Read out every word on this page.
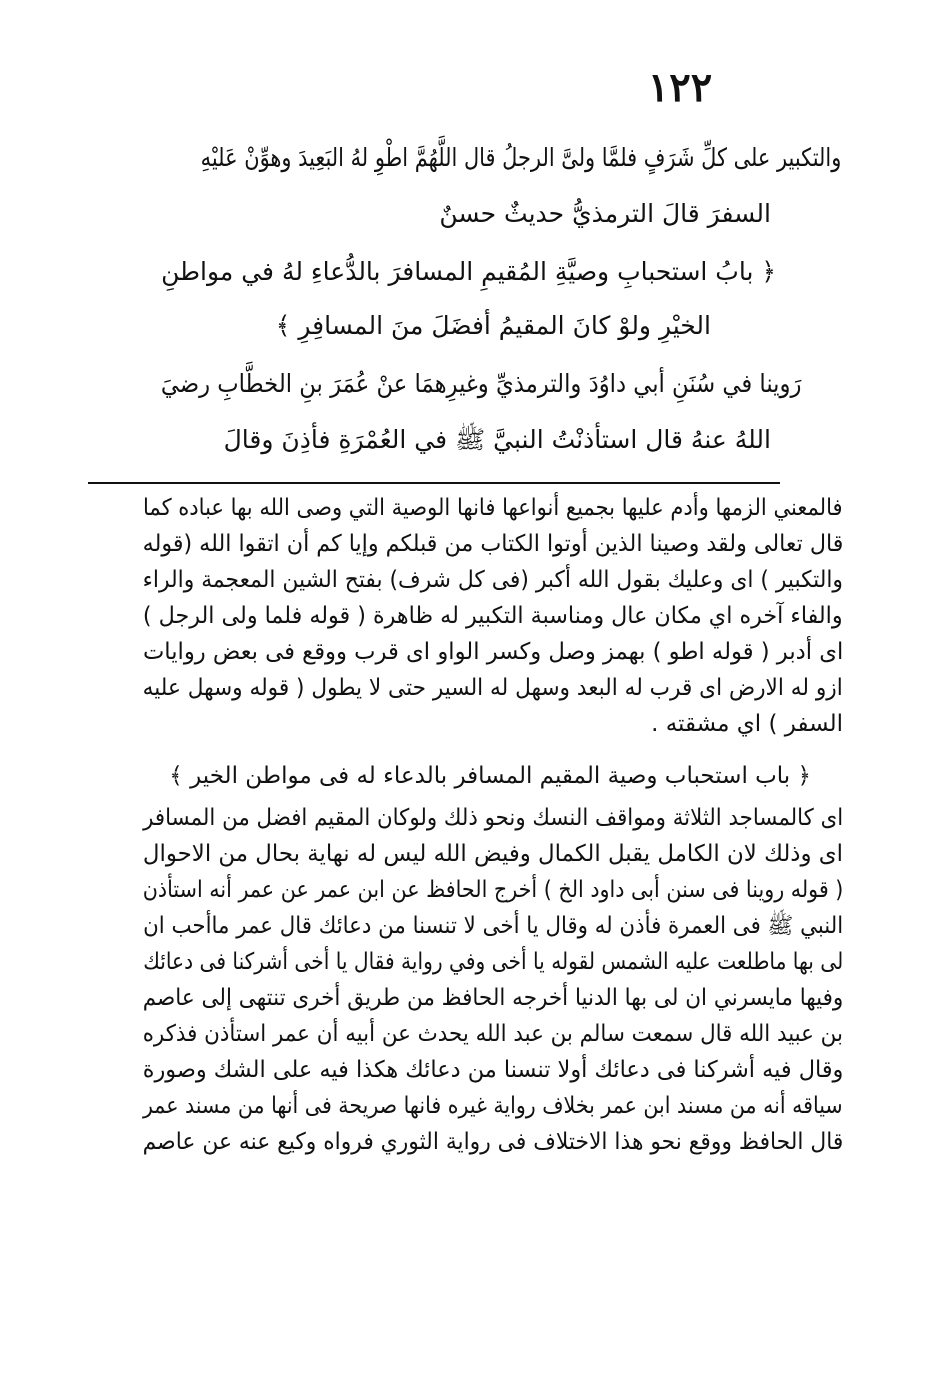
١٢٢
والتكبير على كلِّ شَرَفٍ فلمَّا ولىَّ الرجلُ قال اللَّهُمَّ اطْوِ لهُ البَعِيدَ وهوِّنْ عَليْهِ
السفرَ قالَ الترمذيُّ حديثٌ حسنٌ
﴿ بابُ استحبابِ وصيَّةِ المُقيمِ المسافرَ بالدُّعاءِ لهُ في مواطنِ
الخيْرِ ولوْ كانَ المقيمُ أفضَلَ منَ المسافِرِ ﴾
رَوينا في سُنَنِ أبي داوُدَ والترمذيِّ وغيرِهمَا عنْ عُمَرَ بنِ الخطَّابِ رضيَ
اللهُ عنهُ قال استأذنْتُ النبيَّ ﷺ في العُمْرَةِ فأذِنَ وقالَ
فالمعني الزمها وأدم عليها بجميع أنواعها فانها الوصية التي وصى الله بها عباده كما
قال تعالى ولقد وصينا الذين أوتوا الكتاب من قبلكم وإيا كم أن اتقوا الله (قوله
والتكبير ) اى وعليك بقول الله أكبر (فى كل شرف) بفتح الشين المعجمة والراء
والفاء آخره اي مكان عال ومناسبة التكبير له ظاهرة ( قوله فلما ولى الرجل )
اى أدبر ( قوله اطو ) بهمز وصل وكسر الواو اى قرب ووقع فى بعض روايات
ازو له الارض اى قرب له البعد وسهل له السير حتى لا يطول ( قوله وسهل عليه
السفر ) اي مشقته .
﴿ باب استحباب وصية المقيم المسافر بالدعاء له فى مواطن الخير ﴾
اى كالمساجد الثلاثة ومواقف النسك ونحو ذلك ولوكان المقيم افضل من المسافر
اى وذلك لان الكامل يقبل الكمال وفيض الله ليس له نهاية بحال من الاحوال
( قوله روينا فى سنن أبى داود الخ ) أخرج الحافظ عن ابن عمر عن عمر أنه استأذن
النبي ﷺ فى العمرة فأذن له وقال يا أخى لا تنسنا من دعائك قال عمر ماأحب ان
لى بها ماطلعت عليه الشمس لقوله يا أخى وفي رواية فقال يا أخى أشركنا فى دعائك
وفيها مايسرني ان لى بها الدنيا أخرجه الحافظ من طريق أخرى تنتهى إلى عاصم
بن عبيد الله قال سمعت سالم بن عبد الله يحدث عن أبيه أن عمر استأذن فذكره
وقال فيه أشركنا فى دعائك أولا تنسنا من دعائك هكذا فيه على الشك وصورة
سياقه أنه من مسند ابن عمر بخلاف رواية غيره فانها صريحة فى أنها من مسند عمر
قال الحافظ ووقع نحو هذا الاختلاف فى رواية الثوري فرواه وكيع عنه عن عاصم
